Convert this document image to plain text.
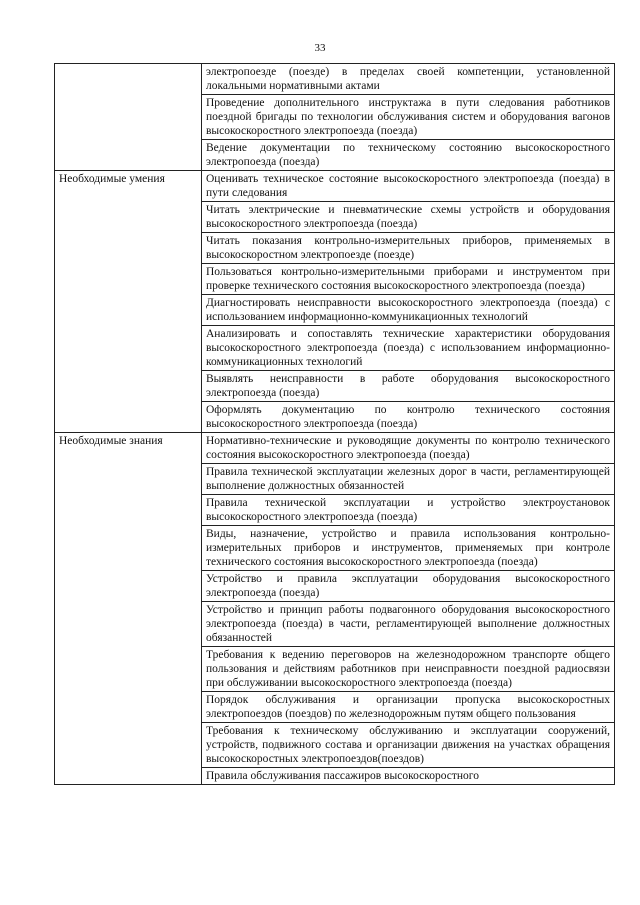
33
	электропоезде (поезде) в пределах своей компетенции, установленной локальными нормативными актами
	Проведение дополнительного инструктажа в пути следования работников поездной бригады по технологии обслуживания систем и оборудования вагонов высокоскоростного электропоезда (поезда)
	Ведение документации по техническому состоянию высокоскоростного электропоезда (поезда)
Необходимые умения	Оценивать техническое состояние высокоскоростного электропоезда (поезда) в пути следования
	Читать электрические и пневматические схемы устройств и оборудования высокоскоростного электропоезда (поезда)
	Читать показания контрольно-измерительных приборов, применяемых в высокоскоростном электропоезде (поезде)
	Пользоваться контрольно-измерительными приборами и инструментом при проверке технического состояния высокоскоростного электропоезда (поезда)
	Диагностировать неисправности высокоскоростного электропоезда (поезда) с использованием информационно-коммуникационных технологий
	Анализировать и сопоставлять технические характеристики оборудования высокоскоростного электропоезда (поезда) с использованием информационно-коммуникационных технологий
	Выявлять неисправности в работе оборудования высокоскоростного электропоезда (поезда)
	Оформлять документацию по контролю технического состояния высокоскоростного электропоезда (поезда)
Необходимые знания	Нормативно-технические и руководящие документы по контролю технического состояния высокоскоростного электропоезда (поезда)
	Правила технической эксплуатации железных дорог в части, регламентирующей выполнение должностных обязанностей
	Правила технической эксплуатации и устройство электроустановок высокоскоростного электропоезда (поезда)
	Виды, назначение, устройство и правила использования контрольно-измерительных приборов и инструментов, применяемых при контроле технического состояния высокоскоростного электропоезда (поезда)
	Устройство и правила эксплуатации оборудования высокоскоростного электропоезда (поезда)
	Устройство и принцип работы подвагонного оборудования высокоскоростного электропоезда (поезда) в части, регламентирующей выполнение должностных обязанностей
	Требования к ведению переговоров на железнодорожном транспорте общего пользования и действиям работников при неисправности поездной радиосвязи при обслуживании высокоскоростного электропоезда (поезда)
	Порядок обслуживания и организации пропуска высокоскоростных электропоездов (поездов) по железнодорожным путям общего пользования
	Требования к техническому обслуживанию и эксплуатации сооружений, устройств, подвижного состава и организации движения на участках обращения высокоскоростных электропоездов(поездов)
	Правила обслуживания пассажиров высокоскоростного
